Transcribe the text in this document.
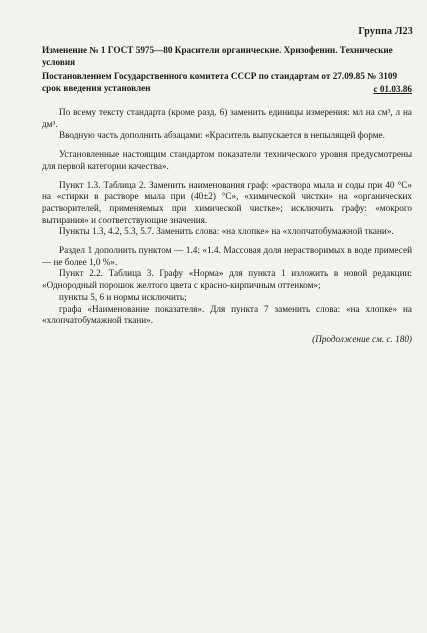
Группа Л23
Изменение № 1 ГОСТ 5975—80 Красители органические. Хризофенин. Технические условия
Постановлением Государственного комитета СССР по стандартам от 27.09.85 № 3109 срок введения установлен	с 01.03.86

По всему тексту стандарта (кроме разд. 6) заменить единицы измерения: мл на см³, л на дм³.

Вводную часть дополнить абзацами: «Краситель выпускается в непылящей форме.

Установленные настоящим стандартом показатели технического уровня предусмотрены для первой категории качества».

Пункт 1.3. Таблица 2. Заменить наименования граф: «раствора мыла и соды при 40 °С» на «стирки в растворе мыла при (40±2) °С», «химической чистки» на «органических растворителей, применяемых при химической чистке»; исключить графу: «мокрого вытирания» и соответствующие значения.

Пункты 1.3, 4.2, 5.3, 5.7. Заменить слова: «на хлопке» на «хлопчатобумажной ткани».

Раздел 1 дополнить пунктом — 1.4: «1.4. Массовая доля нерастворимых в воде примесей — не более 1,0 %».

Пункт 2.2. Таблица 3. Графу «Норма» для пункта 1 изложить в новой редакции: «Однородный порошок желтого цвета с красно-кирпичным оттенком»;

пункты 5, 6 и нормы исключить;

графа «Наименование показателя». Для пункта 7 заменить слова: «на хлопке» на «хлопчатобумажной ткани».

(Продолжение см. с. 180)
